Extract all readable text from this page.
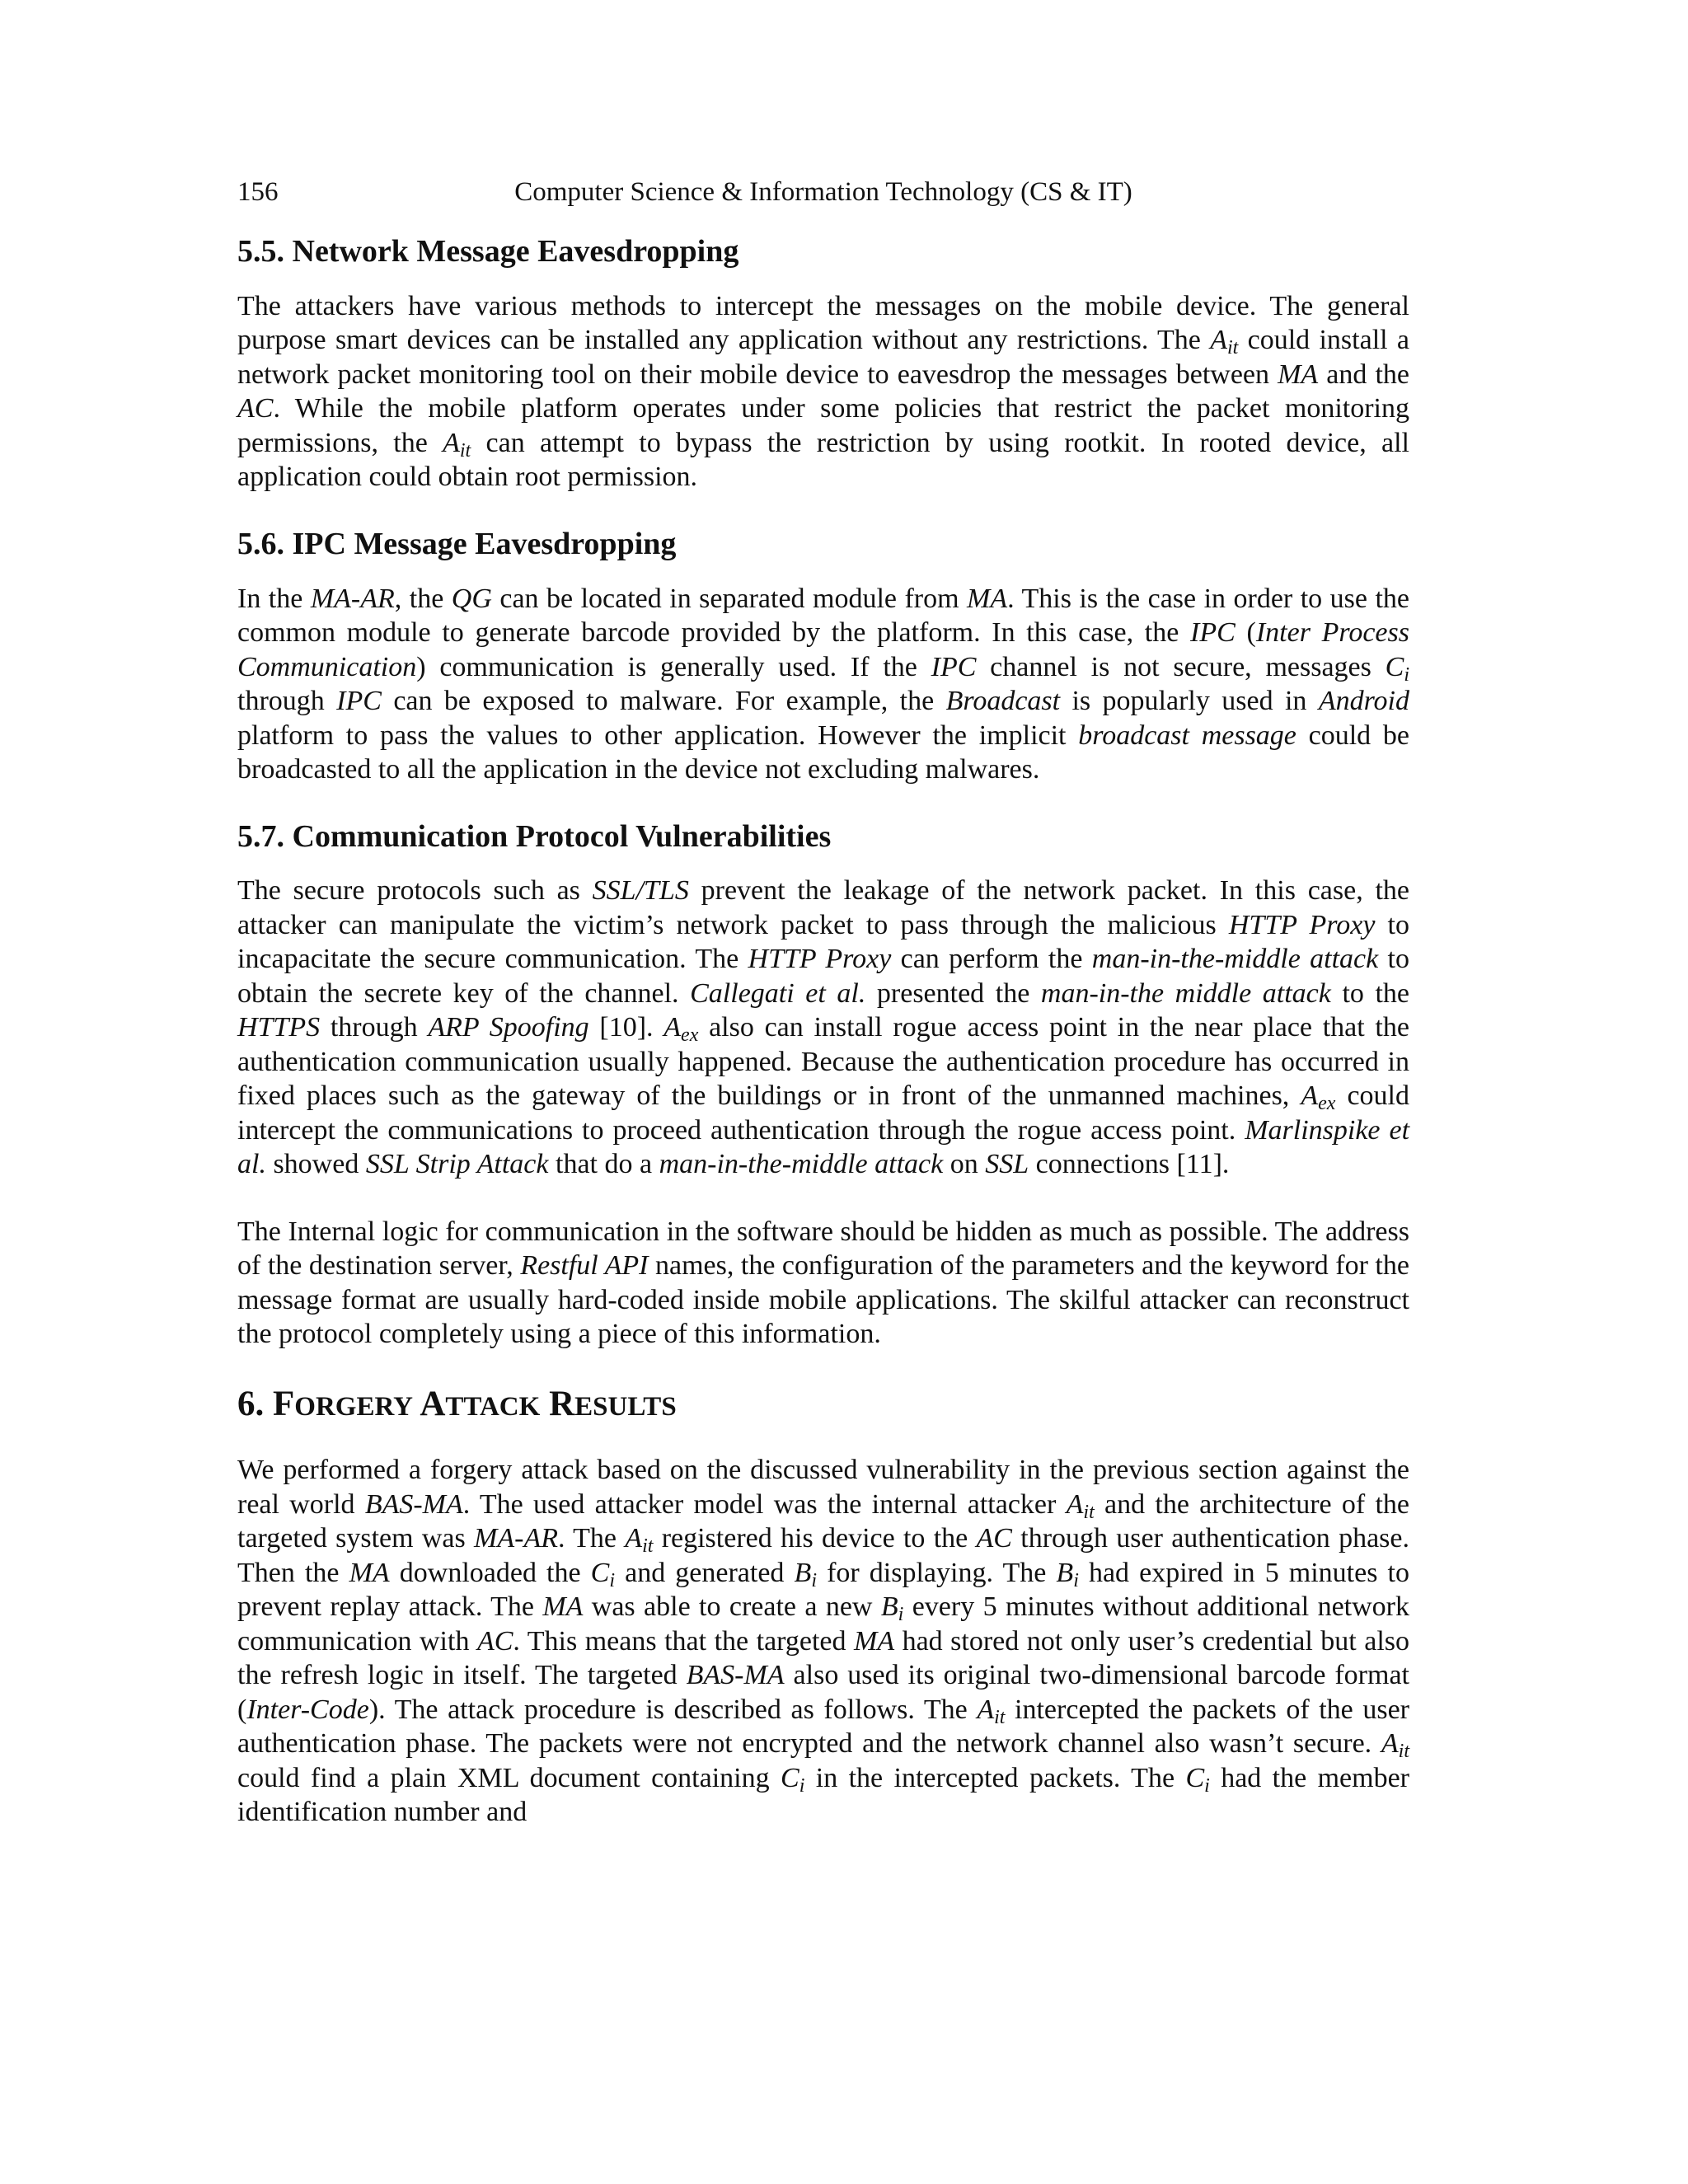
156	Computer Science & Information Technology (CS & IT)
5.5. Network Message Eavesdropping

The attackers have various methods to intercept the messages on the mobile device. The general purpose smart devices can be installed any application without any restrictions. The $A_{it}$ could install a network packet monitoring tool on their mobile device to eavesdrop the messages between MA and the AC. While the mobile platform operates under some policies that restrict the packet monitoring permissions, the $A_{it}$ can attempt to bypass the restriction by using rootkit. In rooted device, all application could obtain root permission.

5.6. IPC Message Eavesdropping

In the MA-AR, the QG can be located in separated module from MA. This is the case in order to use the common module to generate barcode provided by the platform. In this case, the IPC (Inter Process Communication) communication is generally used. If the IPC channel is not secure, messages $C_i$ through IPC can be exposed to malware. For example, the Broadcast is popularly used in Android platform to pass the values to other application. However the implicit broadcast message could be broadcasted to all the application in the device not excluding malwares.

5.7. Communication Protocol Vulnerabilities

The secure protocols such as SSL/TLS prevent the leakage of the network packet. In this case, the attacker can manipulate the victim’s network packet to pass through the malicious HTTP Proxy to incapacitate the secure communication. The HTTP Proxy can perform the man-in-the-middle attack to obtain the secrete key of the channel. Callegati et al. presented the man-in-the middle attack to the HTTPS through ARP Spoofing [10]. $A_{ex}$ also can install rogue access point in the near place that the authentication communication usually happened. Because the authentication procedure has occurred in fixed places such as the gateway of the buildings or in front of the unmanned machines, $A_{ex}$ could intercept the communications to proceed authentication through the rogue access point. Marlinspike et al. showed SSL Strip Attack that do a man-in-the-middle attack on SSL connections [11].

The Internal logic for communication in the software should be hidden as much as possible. The address of the destination server, Restful API names, the configuration of the parameters and the keyword for the message format are usually hard-coded inside mobile applications. The skilful attacker can reconstruct the protocol completely using a piece of this information.

6. FORGERY ATTACK RESULTS

We performed a forgery attack based on the discussed vulnerability in the previous section against the real world BAS-MA. The used attacker model was the internal attacker $A_{it}$ and the architecture of the targeted system was MA-AR. The $A_{it}$ registered his device to the AC through user authentication phase. Then the MA downloaded the $C_i$ and generated $B_i$ for displaying. The $B_i$ had expired in 5 minutes to prevent replay attack. The MA was able to create a new $B_i$ every 5 minutes without additional network communication with AC. This means that the targeted MA had stored not only user’s credential but also the refresh logic in itself. The targeted BAS-MA also used its original two-dimensional barcode format (Inter-Code). The attack procedure is described as follows. The $A_{it}$ intercepted the packets of the user authentication phase. The packets were not encrypted and the network channel also wasn’t secure. $A_{it}$ could find a plain XML document containing $C_i$ in the intercepted packets. The $C_i$ had the member identification number and
